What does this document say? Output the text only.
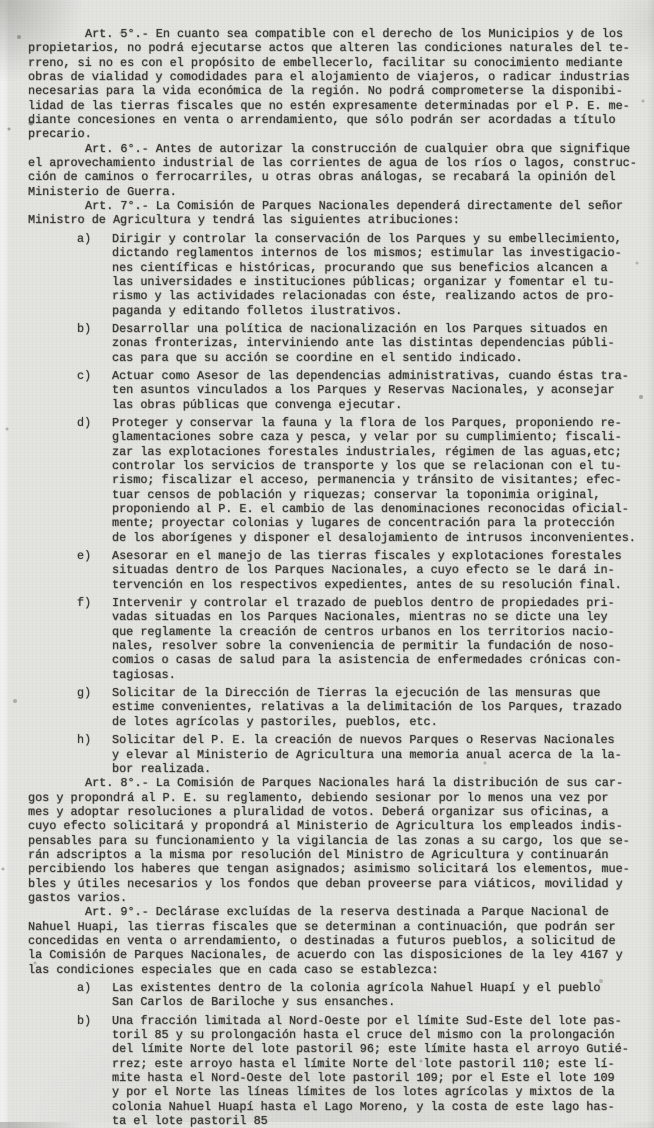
Art. 5°.- En cuanto sea compatible con el derecho de los Municipios y de los
propietarios, no podrá ejecutarse actos que alteren las condiciones naturales del te-
rreno, si no es con el propósito de embellecerlo, facilitar su conocimiento mediante
obras de vialidad y comodidades para el alojamiento de viajeros, o radicar industrias
necesarias para la vida económica de la región. No podrá comprometerse la disponibi-
lidad de las tierras fiscales que no estén expresamente determinadas por el P. E. me-
diante concesiones en venta o arrendamiento, que sólo podrán ser acordadas a título
precario.
Art. 6°.- Antes de autorizar la construcción de cualquier obra que signifique
el aprovechamiento industrial de las corrientes de agua de los ríos o lagos, construc-
ción de caminos o ferrocarriles, u otras obras análogas, se recabará la opinión del
Ministerio de Guerra.
Art. 7°.- La Comisión de Parques Nacionales dependerá directamente del señor
Ministro de Agricultura y tendrá las siguientes atribuciones:
a)	Dirigir y controlar la conservación de los Parques y su embellecimiento,
dictando reglamentos internos de los mismos; estimular las investigacio-
nes científicas e históricas, procurando que sus beneficios alcancen a
las universidades e instituciones públicas; organizar y fomentar el tu-
rismo y las actividades relacionadas con éste, realizando actos de pro-
paganda y editando folletos ilustrativos.
b)	Desarrollar una política de nacionalización en los Parques situados en
zonas fronterizas, interviniendo ante las distintas dependencias públi-
cas para que su acción se coordine en el sentido indicado.
c)	Actuar como Asesor de las dependencias administrativas, cuando éstas tra-
ten asuntos vinculados a los Parques y Reservas Nacionales, y aconsejar
las obras públicas que convenga ejecutar.
d)	Proteger y conservar la fauna y la flora de los Parques, proponiendo re-
glamentaciones sobre caza y pesca, y velar por su cumplimiento; fiscali-
zar las explotaciones forestales industriales, régimen de las aguas,etc;
controlar los servicios de transporte y los que se relacionan con el tu-
rismo; fiscalizar el acceso, permanencia y tránsito de visitantes; efec-
tuar censos de población y riquezas; conservar la toponimia original,
proponiendo al P. E. el cambio de las denominaciones reconocidas oficial-
mente; proyectar colonias y lugares de concentración para la protección
de los aborígenes y disponer el desalojamiento de intrusos inconvenientes.
e)	Asesorar en el manejo de las tierras fiscales y explotaciones forestales
situadas dentro de los Parques Nacionales, a cuyo efecto se le dará in-
tervención en los respectivos expedientes, antes de su resolución final.
f)	Intervenir y controlar el trazado de pueblos dentro de propiedades pri-
vadas situadas en los Parques Nacionales, mientras no se dicte una ley
que reglamente la creación de centros urbanos en los territorios nacio-
nales, resolver sobre la conveniencia de permitir la fundación de noso-
comios o casas de salud para la asistencia de enfermedades crónicas con-
tagiosas.
g)	Solicitar de la Dirección de Tierras la ejecución de las mensuras que
estime convenientes, relativas a la delimitación de los Parques, trazado
de lotes agrícolas y pastoriles, pueblos, etc.
h)	Solicitar del P. E. la creación de nuevos Parques o Reservas Nacionales
y elevar al Ministerio de Agricultura una memoria anual acerca de la la-
bor realizada.
Art. 8°.- La Comisión de Parques Nacionales hará la distribución de sus car-
gos y propondrá al P. E. su reglamento, debiendo sesionar por lo menos una vez por
mes y adoptar resoluciones a pluralidad de votos. Deberá organizar sus oficinas, a
cuyo efecto solicitará y propondrá al Ministerio de Agricultura los empleados indis-
pensables para su funcionamiento y la vigilancia de las zonas a su cargo, los que se-
rán adscriptos a la misma por resolución del Ministro de Agricultura y continuarán
percibiendo los haberes que tengan asignados; asimismo solicitará los elementos, mue-
bles y útiles necesarios y los fondos que deban proveerse para viáticos, movilidad y
gastos varios.
Art. 9°.- Declárase excluídas de la reserva destinada a Parque Nacional de
Nahuel Huapi, las tierras fiscales que se determinan a continuación, que podrán ser
concedidas en venta o arrendamiento, o destinadas a futuros pueblos, a solicitud de
la Comisión de Parques Nacionales, de acuerdo con las disposiciones de la ley 4167 y
las condiciones especiales que en cada caso se establezca:
a)	Las existentes dentro de la colonia agrícola Nahuel Huapí y el pueblo
San Carlos de Bariloche y sus ensanches.
b)	Una fracción limitada al Nord-Oeste por el límite Sud-Este del lote pas-
toril 85 y su prolongación hasta el cruce del mismo con la prolongación
del límite Norte del lote pastoril 96; este límite hasta el arroyo Gutié-
rrez; este arroyo hasta el límite Norte del lote pastoril 110; este lí-
mite hasta el Nord-Oeste del lote pastoril 109; por el Este el lote 109
y por el Norte las líneas límites de los lotes agrícolas y mixtos de la
colonia Nahuel Huapí hasta el Lago Moreno, y la costa de este lago has-
ta el lote pastoril 85
